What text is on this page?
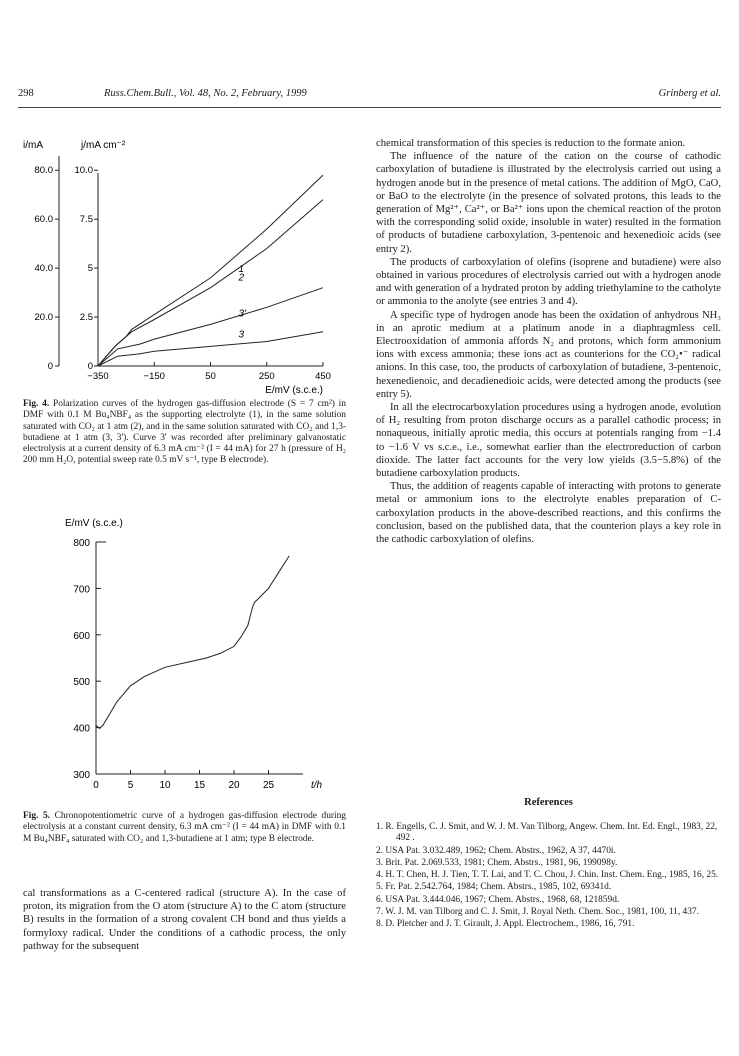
298	Russ.Chem.Bull., Vol. 48, No. 2, February, 1999	Grinberg et al.
i/mA	j/mA cm⁻²
80.0
60.0
40.0
20.0
0
10.0
7.5
5
2.5
0
−350	−150	50	250	450
E/mV (s.c.e.)
1
2
3'
3
Fig. 4. Polarization curves of the hydrogen gas-diffusion electrode (S = 7 cm²) in DMF with 0.1 M Bu₄NBF₄ as the supporting electrolyte (1), in the same solution saturated with CO₂ at 1 atm (2), and in the same solution saturated with CO₂ and 1,3-butadiene at 1 atm (3, 3'). Curve 3' was recorded after preliminary galvanostatic electrolysis at a current density of 6.3 mA cm⁻² (I = 44 mA) for 27 h (pressure of H₂ 200 mm H₂O, potential sweep rate 0.5 mV s⁻¹, type B electrode).
E/mV (s.c.e.)
800
700
600
500
400
300
0	5	10 15 20 25	t/h
Fig. 5. Chronopotentiometric curve of a hydrogen gas-diffusion electrode during electrolysis at a constant current density, 6.3 mA cm⁻² (I = 44 mA) in DMF with 0.1 M Bu₄NBF₄ saturated with CO₂ and 1,3-butadiene at 1 atm; type B electrode.

cal transformations as a C-centered radical (structure A). In the case of proton, its migration from the O atom (structure A) to the C atom (structure B) results in the formation of a strong covalent CH bond and thus yields a formyloxy radical. Under the conditions of a cathodic process, the only pathway for the subsequent

chemical transformation of this species is reduction to the formate anion.

The influence of the nature of the cation on the course of cathodic carboxylation of butadiene is illustrated by the electrolysis carried out using a hydrogen anode but in the presence of metal cations. The addition of MgO, CaO, or BaO to the electrolyte (in the presence of solvated protons, this leads to the generation of Mg²⁺, Ca²⁺, or Ba²⁺ ions upon the chemical reaction of the proton with the corresponding solid oxide, insoluble in water) resulted in the formation of products of butadiene carboxylation, 3-pentenoic and hexenedioic acids (see entry 2).

The products of carboxylation of olefins (isoprene and butadiene) were also obtained in various procedures of electrolysis carried out with a hydrogen anode and with generation of a hydrated proton by adding triethylamine to the catholyte or ammonia to the anolyte (see entries 3 and 4).

A specific type of hydrogen anode has been the oxidation of anhydrous NH₃ in an aprotic medium at a platinum anode in a diaphragmless cell. Electrooxidation of ammonia affords N₂ and protons, which form ammonium ions with excess ammonia; these ions act as counterions for the CO₂•⁻ radical anions. In this case, too, the products of carboxylation of butadiene, 3-pentenoic, hexenedienoic, and decadienedioic acids, were detected among the products (see entry 5).

In all the electrocarboxylation procedures using a hydrogen anode, evolution of H₂ resulting from proton discharge occurs as a parallel cathodic process; in nonaqueous, initially aprotic media, this occurs at potentials ranging from −1.4 to −1.6 V vs s.c.e., i.e., somewhat earlier than the electroreduction of carbon dioxide. The latter fact accounts for the very low yields (3.5−5.8%) of the butadiene carboxylation products.

Thus, the addition of reagents capable of interacting with protons to generate metal or ammonium ions to the electrolyte enables preparation of C-carboxylation products in the above-described reactions, and this confirms the conclusion, based on the published data, that the counterion plays a key role in the cathodic carboxylation of olefins.

References
1. R. Engells, C. J. Smit, and W. J. M. Van Tilborg, Angew. Chem. Int. Ed. Engl., 1983, 22, 492 .
2. USA Pat. 3.032.489, 1962; Chem. Abstrs., 1962, A 37, 4470i.
3. Brit. Pat. 2.069.533, 1981; Chem. Abstrs., 1981, 96, 199098y.
4. H. T. Chen, H. J. Tien, T. T. Lai, and T. C. Chou, J. Chin. Inst. Chem. Eng., 1985, 16, 25.
5. Fr. Pat. 2.542.764, 1984; Chem. Abstrs., 1985, 102, 69341d.
6. USA Pat. 3.444.046, 1967; Chem. Abstrs., 1968, 68, 121859d.
7. W. J. M. van Tilborg and C. J. Smit, J. Royal Neth. Chem. Soc., 1981, 100, 11, 437.
8. D. Pletcher and J. T. Girault, J. Appl. Electrochem., 1986, 16, 791.
